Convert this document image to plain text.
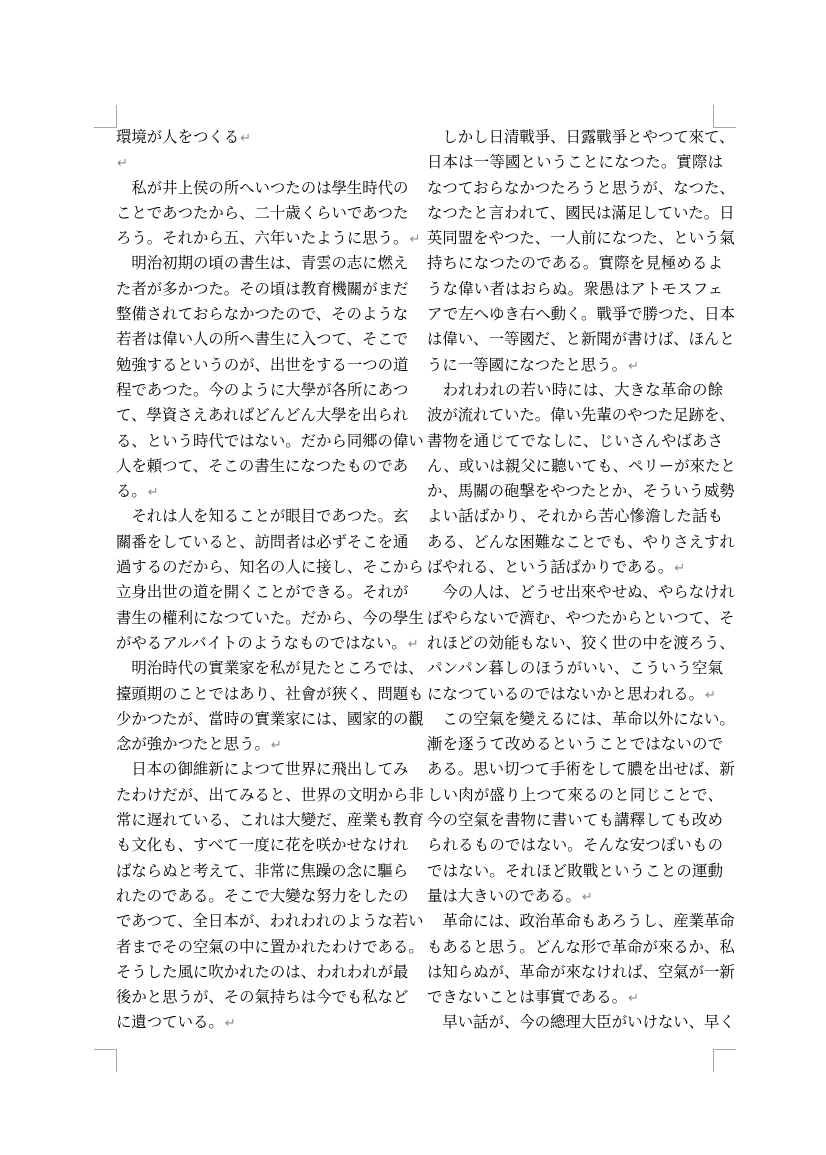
環境が人をつくる↵
↵
　私が井上侯の所へいつたのは學生時代の
ことであつたから、二十歳くらいであつた
ろう。それから五、六年いたように思う。↵
　明治初期の頃の書生は、青雲の志に燃え
た者が多かつた。その頃は教育機關がまだ
整備されておらなかつたので、そのような
若者は偉い人の所へ書生に入つて、そこで
勉強するというのが、出世をする一つの道
程であつた。今のように大學が各所にあつ
て、學資さえあればどんどん大學を出られ
る、という時代ではない。だから同郷の偉い
人を頼つて、そこの書生になつたものであ
る。↵
　それは人を知ることが眼目であつた。玄
關番をしていると、訪問者は必ずそこを通
過するのだから、知名の人に接し、そこから
立身出世の道を開くことができる。それが
書生の權利になつていた。だから、今の學生
がやるアルバイトのようなものではない。↵
　明治時代の實業家を私が見たところでは、
擡頭期のことではあり、社會が狹く、問題も
少かつたが、當時の實業家には、國家的の觀
念が強かつたと思う。↵
　日本の御維新によつて世界に飛出してみ
たわけだが、出てみると、世界の文明から非
常に遅れている、これは大變だ、産業も教育
も文化も、すべて一度に花を咲かせなけれ
ばならぬと考えて、非常に焦躁の念に驅ら
れたのである。そこで大變な努力をしたの
であつて、全日本が、われわれのような若い
者までその空氣の中に置かれたわけである。
そうした風に吹かれたのは、われわれが最
後かと思うが、その氣持ちは今でも私など
に遺つている。↵
　しかし日清戰爭、日露戰爭とやつて來て、
日本は一等國ということになつた。實際は
なつておらなかつたろうと思うが、なつた、
なつたと言われて、國民は滿足していた。日
英同盟をやつた、一人前になつた、という氣
持ちになつたのである。實際を見極めるよ
うな偉い者はおらぬ。衆愚はアトモスフェ
アで左へゆき右へ動く。戰爭で勝つた、日本
は偉い、一等國だ、と新聞が書けば、ほんと
うに一等國になつたと思う。↵
　われわれの若い時には、大きな革命の餘
波が流れていた。偉い先輩のやつた足跡を、
書物を通じてでなしに、じいさんやばあさ
ん、或いは親父に聽いても、ペリーが來たと
か、馬關の砲撃をやつたとか、そういう威勢
よい話ばかり、それから苦心慘澹した話も
ある、どんな困難なことでも、やりさえすれ
ばやれる、という話ばかりである。↵
　今の人は、どうせ出來やせぬ、やらなけれ
ばやらないで濟む、やつたからといつて、そ
れほどの効能もない、狡く世の中を渡ろう、
パンパン暮しのほうがいい、こういう空氣
になつているのではないかと思われる。↵
　この空氣を變えるには、革命以外にない。
漸を逐うて改めるということではないので
ある。思い切つて手術をして膿を出せば、新
しい肉が盛り上つて來るのと同じことで、
今の空氣を書物に書いても講釋しても改め
られるものではない。そんな安つぽいもの
ではない。それほど敗戰ということの運動
量は大きいのである。↵
　革命には、政治革命もあろうし、産業革命
もあると思う。どんな形で革命が來るか、私
は知らぬが、革命が來なければ、空氣が一新
できないことは事實である。↵
　早い話が、今の總理大臣がいけない、早く
